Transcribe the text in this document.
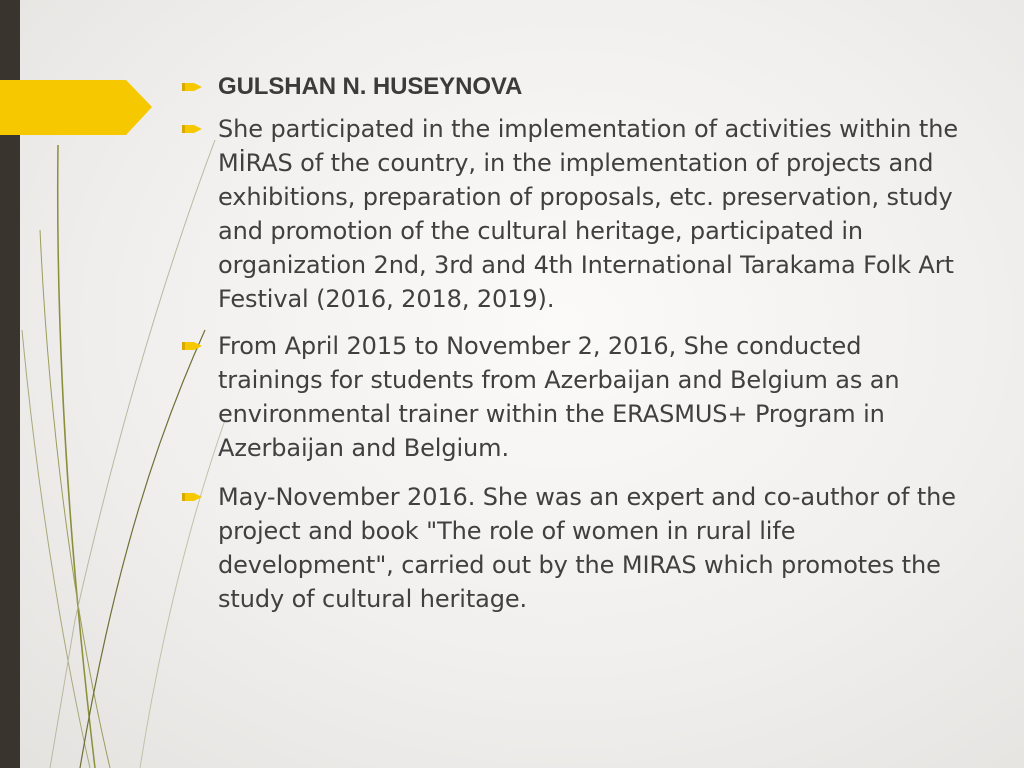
GULSHAN N. HUSEYNOVA
She participated in the implementation of activities within the MİRAS of the country, in the implementation of projects and exhibitions, preparation of proposals, etc. preservation, study and promotion of the cultural heritage, participated in organization 2nd, 3rd and 4th International Tarakama Folk Art Festival (2016, 2018, 2019).
From April 2015 to November 2, 2016, She conducted trainings for students from Azerbaijan and Belgium as an environmental trainer within the ERASMUS+ Program in Azerbaijan and Belgium.
May-November 2016. She was an expert and co-author of the project and book "The role of women in rural life development", carried out by the MIRAS which promotes the study of cultural heritage.
